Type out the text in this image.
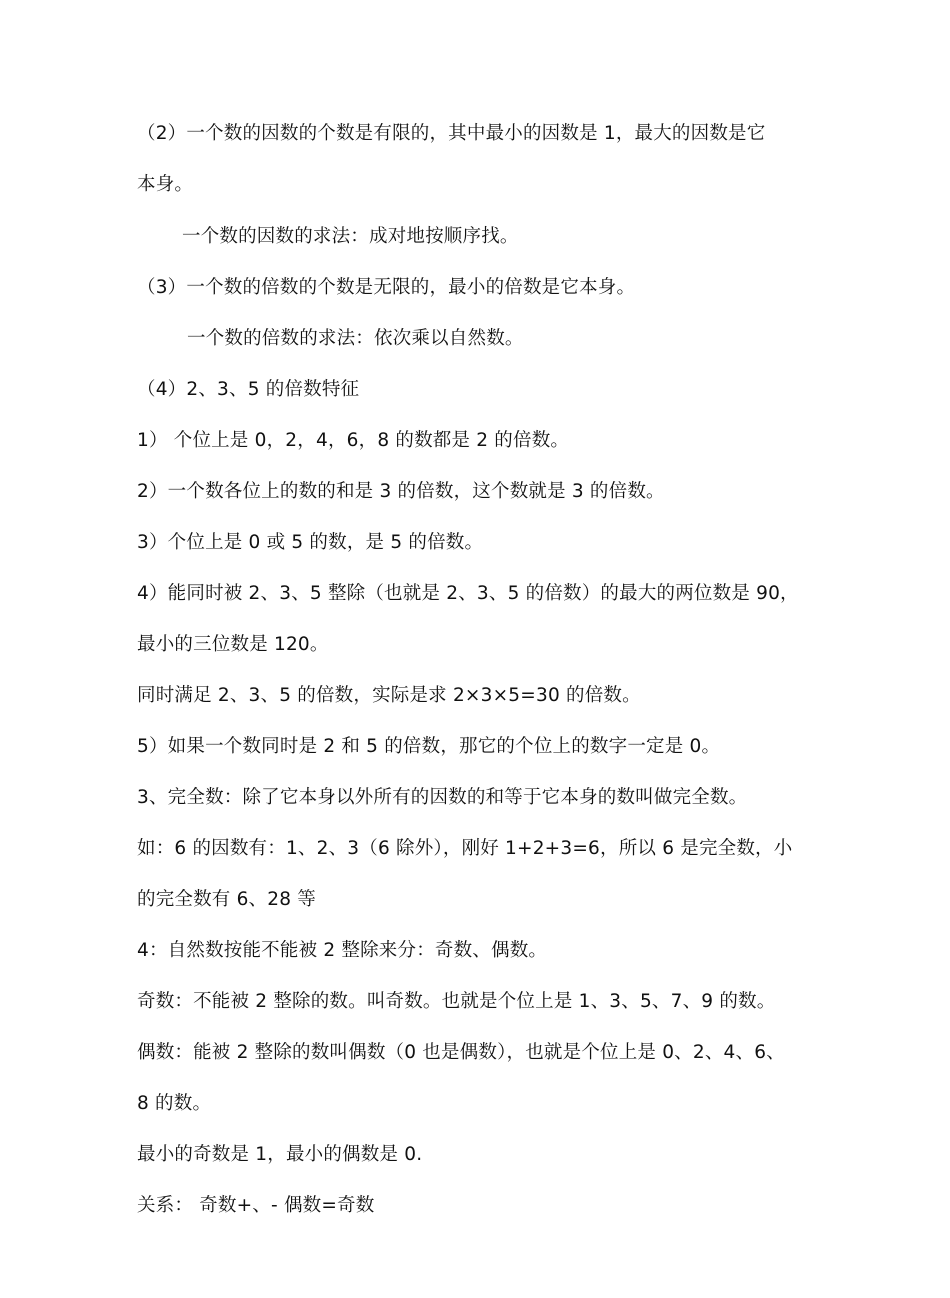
（2）一个数的因数的个数是有限的，其中最小的因数是 1，最大的因数是它
本身。
一个数的因数的求法：成对地按顺序找。
（3）一个数的倍数的个数是无限的，最小的倍数是它本身。
一个数的倍数的求法：依次乘以自然数。
（4）2、3、5 的倍数特征
1） 个位上是 0，2，4，6，8 的数都是 2 的倍数。
2）一个数各位上的数的和是 3 的倍数，这个数就是 3 的倍数。
3）个位上是 0 或 5 的数，是 5 的倍数。
4）能同时被 2、3、5 整除（也就是 2、3、5 的倍数）的最大的两位数是 90，
最小的三位数是 120。
同时满足 2、3、5 的倍数，实际是求 2×3×5=30 的倍数。
5）如果一个数同时是 2 和 5 的倍数，那它的个位上的数字一定是 0。
3、完全数：除了它本身以外所有的因数的和等于它本身的数叫做完全数。
如：6 的因数有：1、2、3（6 除外），刚好 1+2+3=6，所以 6 是完全数，小
的完全数有 6、28 等
4：自然数按能不能被 2 整除来分：奇数、偶数。
奇数：不能被 2 整除的数。叫奇数。也就是个位上是 1、3、5、7、9 的数。
偶数：能被 2 整除的数叫偶数（0 也是偶数），也就是个位上是 0、2、4、6、
8 的数。
最小的奇数是 1，最小的偶数是 0.
关系： 奇数+、- 偶数=奇数
